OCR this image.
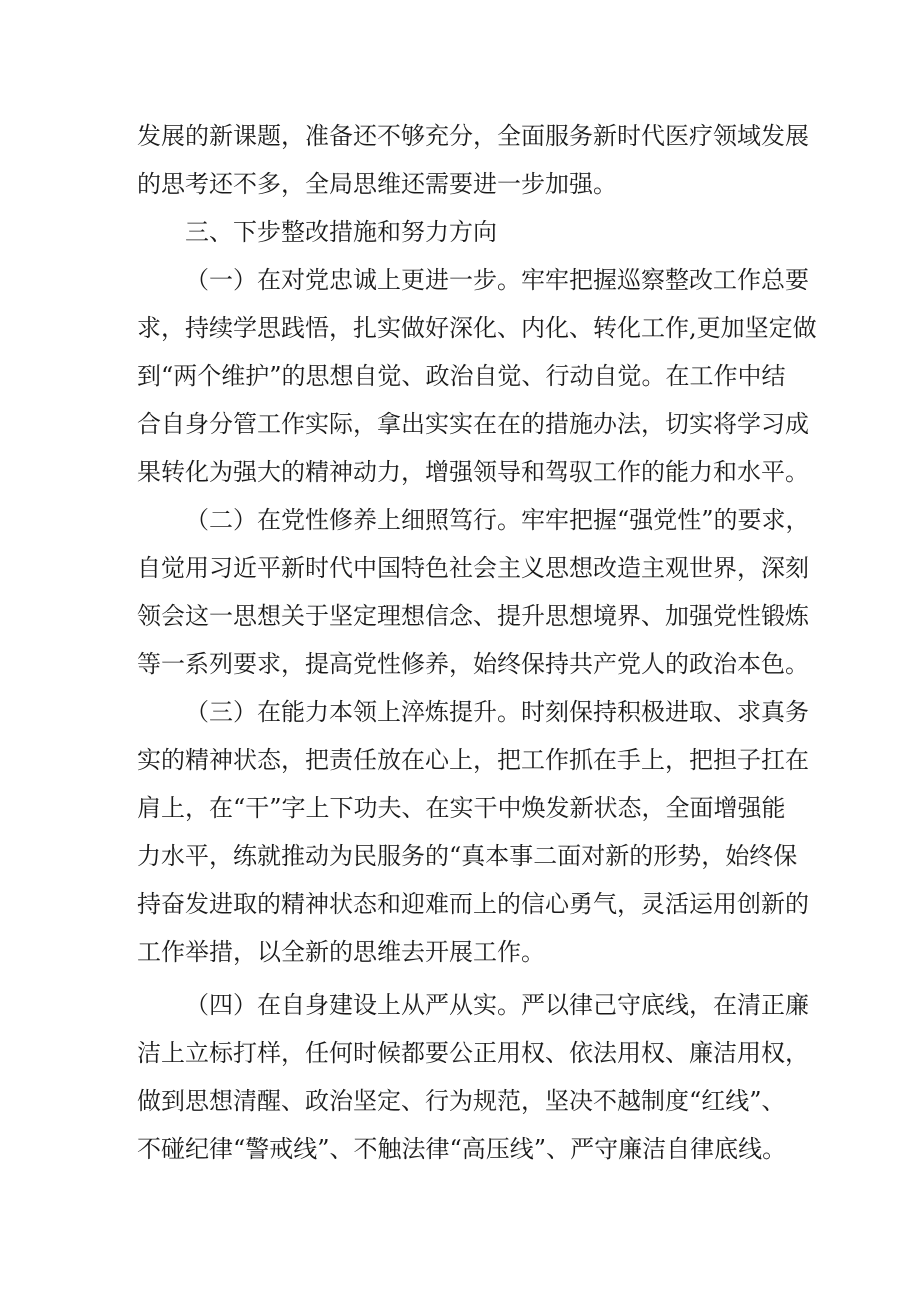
发展的新课题，准备还不够充分，全面服务新时代医疗领域发展
的思考还不多，全局思维还需要进一步加强。
三、下步整改措施和努力方向
（一）在对党忠诚上更进一步。牢牢把握巡察整改工作总要
求，持续学思践悟，扎实做好深化、内化、转化工作,更加坚定做
到“两个维护”的思想自觉、政治自觉、行动自觉。在工作中结
合自身分管工作实际，拿出实实在在的措施办法，切实将学习成
果转化为强大的精神动力，增强领导和驾驭工作的能力和水平。
（二）在党性修养上细照笃行。牢牢把握“强党性”的要求，
自觉用习近平新时代中国特色社会主义思想改造主观世界，深刻
领会这一思想关于坚定理想信念、提升思想境界、加强党性锻炼
等一系列要求，提高党性修养，始终保持共产党人的政治本色。
（三）在能力本领上淬炼提升。时刻保持积极进取、求真务
实的精神状态，把责任放在心上，把工作抓在手上，把担子扛在
肩上，在“干”字上下功夫、在实干中焕发新状态，全面增强能
力水平，练就推动为民服务的“真本事二面对新的形势，始终保
持奋发进取的精神状态和迎难而上的信心勇气，灵活运用创新的
工作举措，以全新的思维去开展工作。
（四）在自身建设上从严从实。严以律己守底线，在清正廉
洁上立标打样，任何时候都要公正用权、依法用权、廉洁用权，
做到思想清醒、政治坚定、行为规范，坚决不越制度“红线”、
不碰纪律“警戒线”、不触法律“高压线”、严守廉洁自律底线。
